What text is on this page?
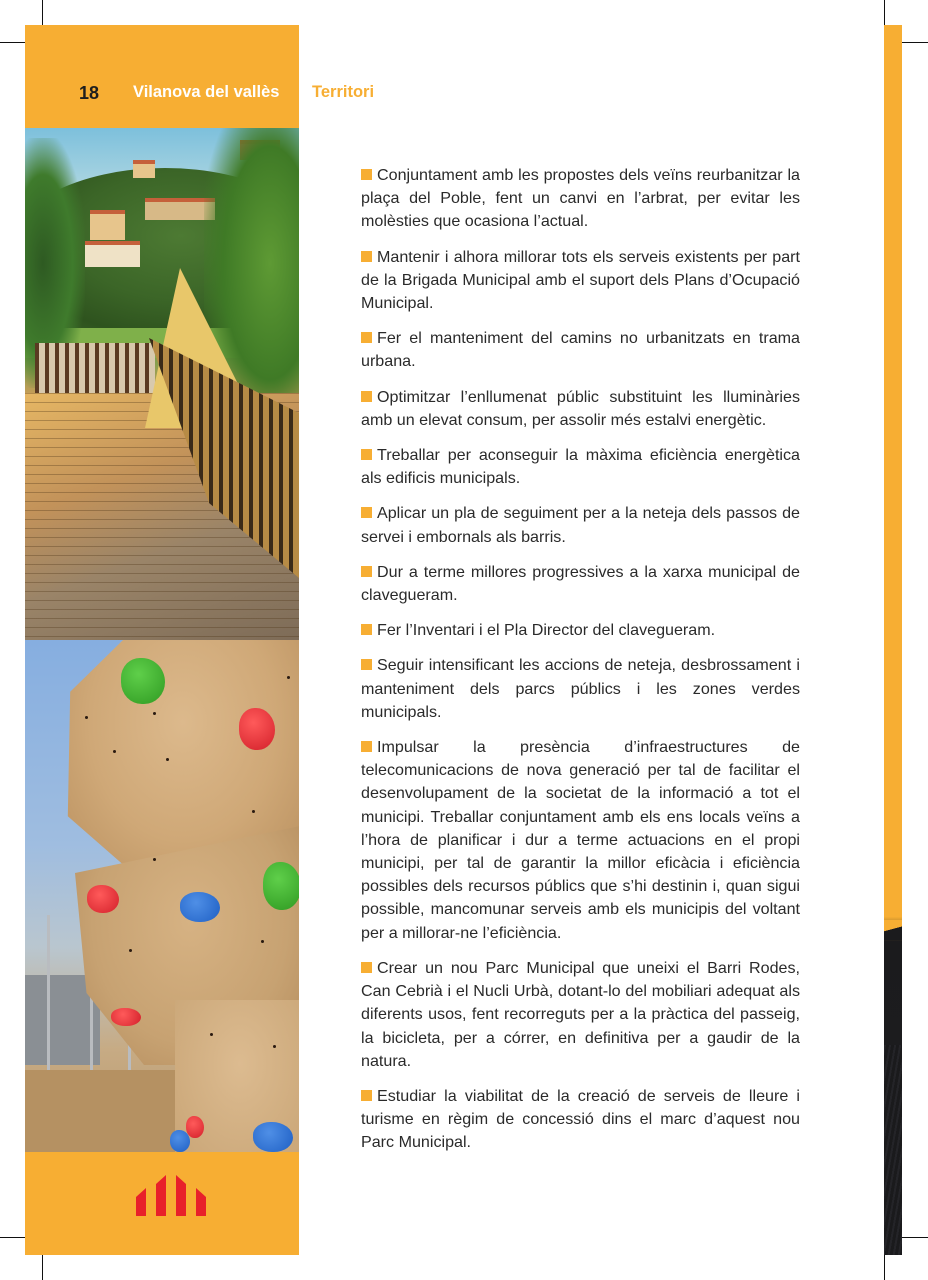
18 Vilanova del vallès Territori

Conjuntament amb les propostes dels veïns reurbanitzar la plaça del Poble, fent un canvi en l’arbrat, per evitar les molèsties que ocasiona l’actual.

Mantenir i alhora millorar tots els serveis existents per part de la Brigada Municipal amb el suport dels Plans d’Ocupació Municipal.

Fer el manteniment del camins no urbanitzats en trama urbana.

Optimitzar l’enllumenat públic substituint les lluminàries amb un elevat consum, per assolir més estalvi energètic.

Treballar per aconseguir la màxima eficiència energètica als edificis municipals.

Aplicar un pla de seguiment per a la neteja dels passos de servei i embornals als barris.

Dur a terme millores progressives a la xarxa municipal de clavegueram.

Fer l’Inventari i el Pla Director del clavegueram.

Seguir intensificant les accions de neteja, desbrossament i manteniment dels parcs públics i les zones verdes municipals.

Impulsar la presència d’infraestructures de telecomunicacions de nova generació per tal de facilitar el desenvolupament de la societat de la informació a tot el municipi. Treballar conjuntament amb els ens locals veïns a l’hora de planificar i dur a terme actuacions en el propi municipi, per tal de garantir la millor eficàcia i eficiència possibles dels recursos públics que s’hi destinin i, quan sigui possible, mancomunar serveis amb els municipis del voltant per a millorar-ne l’eficiència.

Crear un nou Parc Municipal que uneixi el Barri Rodes, Can Cebrià i el Nucli Urbà, dotant-lo del mobiliari adequat als diferents usos, fent recorreguts per a la pràctica del passeig, la bicicleta, per a córrer, en definitiva per a gaudir de la natura.

Estudiar la viabilitat de la creació de serveis de lleure i turisme en règim de concessió dins el marc d’aquest nou Parc Municipal.
